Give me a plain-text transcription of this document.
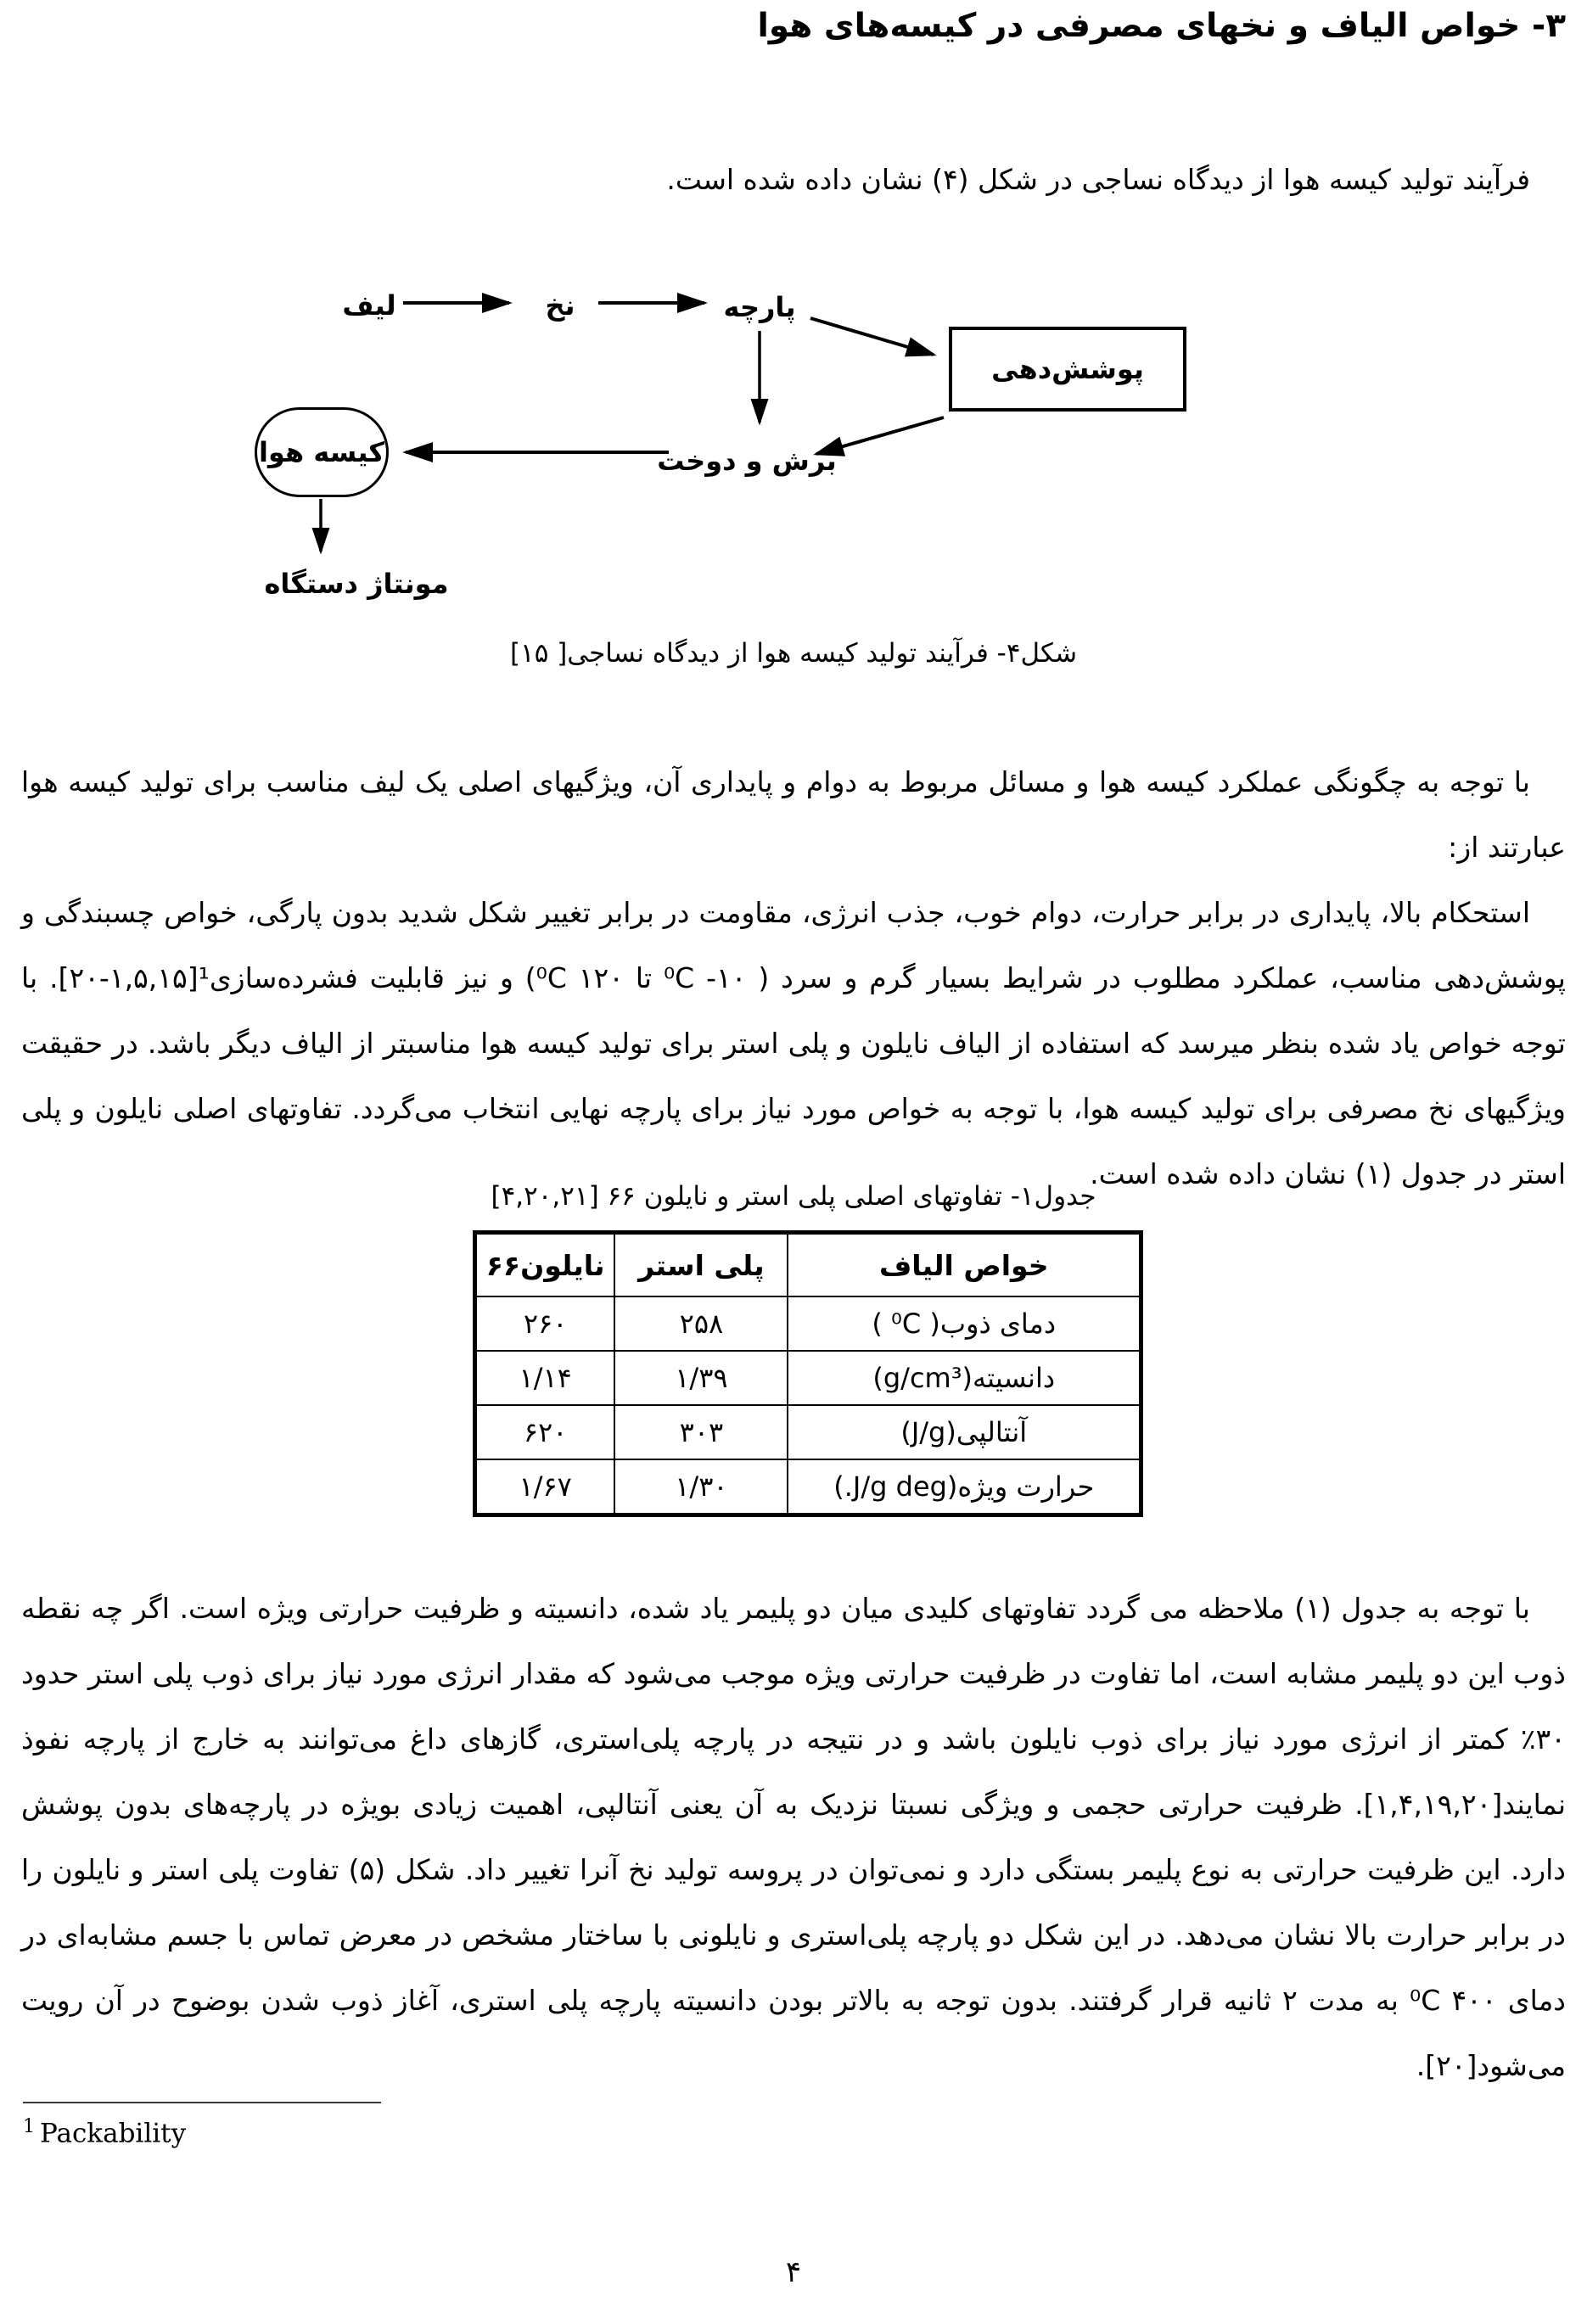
۳- خواص الیاف و نخهای مصرفی در کیسه‌های هوا

فرآیند تولید کیسه هوا از دیدگاه نساجی در شکل (۴) نشان داده شده است.

لیف	نخ	پارچه
پوشش‌دهی
برش و دوخت
کیسه هوا
مونتاژ دستگاه
شکل۴- فرآیند تولید کیسه هوا از دیدگاه نساجی[ ۱۵]

با توجه به چگونگی عملکرد کیسه هوا و مسائل مربوط به دوام و پایداری آن، ویژگیهای اصلی یک لیف مناسب برای تولید کیسه هوا عبارتند از:

استحکام بالا، پایداری در برابر حرارت، دوام خوب، جذب انرژی، مقاومت در برابر تغییر شکل شدید بدون پارگی، خواص چسبندگی و پوشش‌دهی مناسب، عملکرد مطلوب در شرایط بسیار گرم و سرد ( ۱۰- ⁰C تا ۱۲۰ ⁰C) و نیز قابلیت فشرده‌سازی¹[۱,۵,۱۵-۲۰]. با توجه خواص یاد شده بنظر میرسد که استفاده از الیاف نایلون و پلی استر برای تولید کیسه هوا مناسبتر از الیاف دیگر باشد. در حقیقت ویژگیهای نخ مصرفی برای تولید کیسه هوا، با توجه به خواص مورد نیاز برای پارچه نهایی انتخاب می‌گردد. تفاوتهای اصلی نایلون و پلی استر در جدول (۱) نشان داده شده است.

جدول۱- تفاوتهای اصلی پلی استر و نایلون ۶۶ [۴,۲۰,۲۱]
خواص الیاف	پلی استر	نایلون۶۶
دمای ذوب( ⁰C )	۲۵۸	۲۶۰
دانسیته(g/cm³)	۱/۳۹	۱/۱۴
آنتالپی(J/g)	۳۰۳	۶۲۰
حرارت ویژه(J/g deg.)	۱/۳۰	۱/۶۷

با توجه به جدول (۱) ملاحظه می گردد تفاوتهای کلیدی میان دو پلیمر یاد شده، دانسیته و ظرفیت حرارتی ویژه است. اگر چه نقطه ذوب این دو پلیمر مشابه است، اما تفاوت در ظرفیت حرارتی ویژه موجب می‌شود که مقدار انرژی مورد نیاز برای ذوب پلی استر حدود ۳۰٪ کمتر از انرژی مورد نیاز برای ذوب نایلون باشد و در نتیجه در پارچه پلی‌استری، گازهای داغ می‌توانند به خارج از پارچه نفوذ نمایند[۱,۴,۱۹,۲۰]. ظرفیت حرارتی حجمی و ویژگی نسبتا نزدیک به آن یعنی آنتالپی، اهمیت زیادی بویژه در پارچه‌های بدون پوشش دارد. این ظرفیت حرارتی به نوع پلیمر بستگی دارد و نمی‌توان در پروسه تولید نخ آنرا تغییر داد. شکل (۵) تفاوت پلی استر و نایلون را در برابر حرارت بالا نشان می‌دهد. در این شکل دو پارچه پلی‌استری و نایلونی با ساختار مشخص در معرض تماس با جسم مشابه‌ای در دمای ۴۰۰ ⁰C به مدت ۲ ثانیه قرار گرفتند. بدون توجه به بالاتر بودن دانسیته پارچه پلی استری، آغاز ذوب شدن بوضوح در آن رویت می‌شود[۲۰].

$^1$ Packability
۴
